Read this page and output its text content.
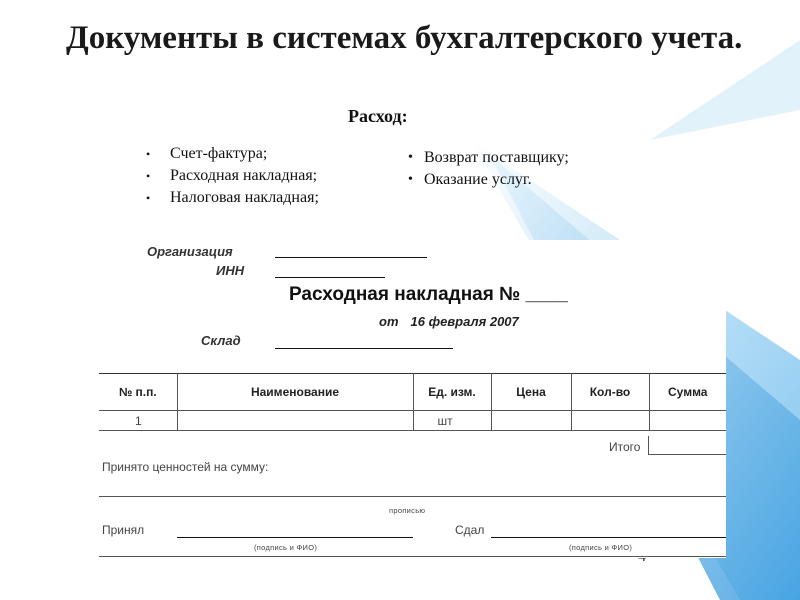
Документы в системах бухгалтерского учета.
Расход:
• Счет-фактура;
• Расходная накладная;
• Налоговая накладная;
• Возврат поставщику;
• Оказание услуг.
Организация
ИНН
Расходная накладная № ____
от 16 февраля 2007
Склад
№ п.п.	Наименование	Ед. изм.	Цена	Кол-во	Сумма
1		шт			
Итого
Принято ценностей на сумму:
прописью
Принял
(подпись и ФИО)
Сдал
(подпись и ФИО)
